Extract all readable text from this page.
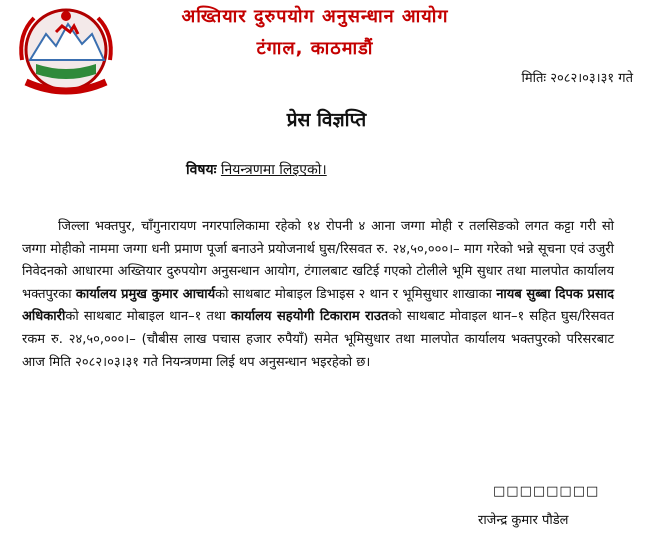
अख्तियार दुरुपयोग अनुसन्धान आयोग
टंगाल, काठमाडौं
मितिः २०८२।०३।३१ गते
प्रेस विज्ञप्ति
विषयः नियन्त्रणमा लिइएको।
जिल्ला भक्तपुर, चाँगुनारायण नगरपालिकामा रहेको १४ रोपनी ४ आना जग्गा मोही र तलसिङको लगत कट्टा गरी सो जग्गा मोहीको नाममा जग्गा धनी प्रमाण पूर्जा बनाउने प्रयोजनार्थ घुस/रिसवत रु. २४,५०,०००।– माग गरेको भन्ने सूचना एवं उजुरी निवेदनको आधारमा अख्तियार दुरुपयोग अनुसन्धान आयोग, टंगालबाट खटिई गएको टोलीले भूमि सुधार तथा मालपोत कार्यालय भक्तपुरका कार्यालय प्रमुख कुमार आचार्यको साथबाट मोबाइल डिभाइस २ थान र भूमिसुधार शाखाका नायब सुब्बा दिपक प्रसाद अधिकारीको साथबाट मोबाइल थान–१ तथा कार्यालय सहयोगी टिकाराम राउतको साथबाट मोवाइल थान–१ सहित घुस/रिसवत रकम रु. २४,५०,०००।– (चौबीस लाख पचास हजार रुपैयाँ) समेत भूमिसुधार तथा मालपोत कार्यालय भक्तपुरको परिसरबाट आज मिति २०८२।०३।३१ गते नियन्त्रणमा लिई थप अनुसन्धान भइरहेको छ।
□□□□□□□□
राजेन्द्र कुमार पौडेल
